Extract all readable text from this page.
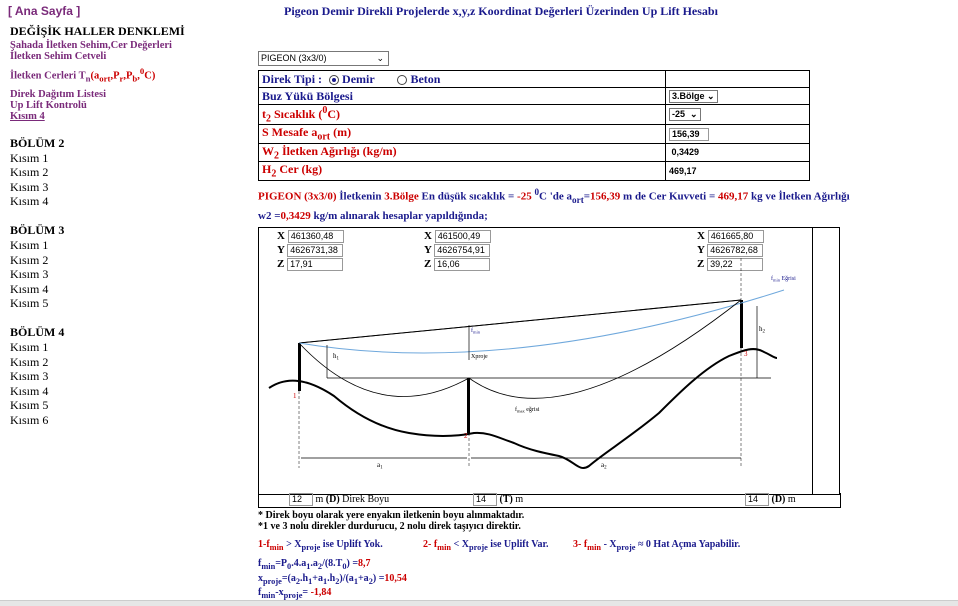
[ Ana Sayfa ]
DEĞİŞİK HALLER DENKLEMİ
Şahada İletken Sehim,Cer Değerleri
İletken Sehim Cetveli
İletken Cerleri $T_n(a_{ort},P_r,P_b,^0C)$
Direk Dağıtım Listesi
Up Lift Kontrolü
Kısım 4
BÖLÜM 2
Kısım 1
Kısım 2
Kısım 3
Kısım 4
BÖLÜM 3
Kısım 1
Kısım 2
Kısım 3
Kısım 4
Kısım 5
BÖLÜM 4
Kısım 1
Kısım 2
Kısım 3
Kısım 4
Kısım 5
Kısım 6
Pigeon Demir Direkli Projelerde x,y,z Koordinat Değerleri Üzerinden Up Lift Hesabı
PIGEON (3x3/0)	⌄
Direk Tipi : Demir Beton	
Buz Yükü Bölgesi	3.Bölge ⌄
$t_2$ Sıcaklık ($^0$C)	-25 ⌄
S Mesafe $a_{ort}$ (m)	156,39
$W_2$ İletken Ağırlığı (kg/m)	0,3429
$H_2$ Cer (kg)	469,17
PIGEON (3x3/0) İletkenin 3.Bölge En düşük sıcaklık = -25 $^0$C 'de $a_{ort}=156,39$ m de Cer Kuvveti = 469,17 kg ve İletken Ağırlığı
w2 =0,3429 kg/m alınarak hesaplar yapıldığında;
X 461360,48
Y 4626731,38
Z 17,91
X 461500,49
Y 4626754,91
Z 16,06
X 461665,80
Y 4626782,68
Z 39,22
$f_{min}$ Eğrisi
$f_{max}$ eğrisi
$f_{min}$
Xproje
$h_1$
$h_2$
$a_1$	$a_2$
1
2
3
12 m (D) Direk Boyu	14 (T) m	14 (D) m
* Direk boyu olarak yere enyakın iletkenin boyu alınmaktadır.
*1 ve 3 nolu direkler durdurucu, 2 nolu direk taşıyıcı direktir.
$1-f_{min} > X_{proje}$ ise Uplift Yok.	2- $f_{min} < X_{proje}$ ise Uplift Var. 3- $f_{min} - X_{proje} \approx 0$ Hat Açma Yapabilir.
$f_{min}=P_0.4.a_1.a_2/(8.T_0) =8,7$
$x_{proje}=(a_2.h_1+a_1.h_2)/(a_1+a_2) =10,54$
$f_{min}-x_{proje}= -1,84$
